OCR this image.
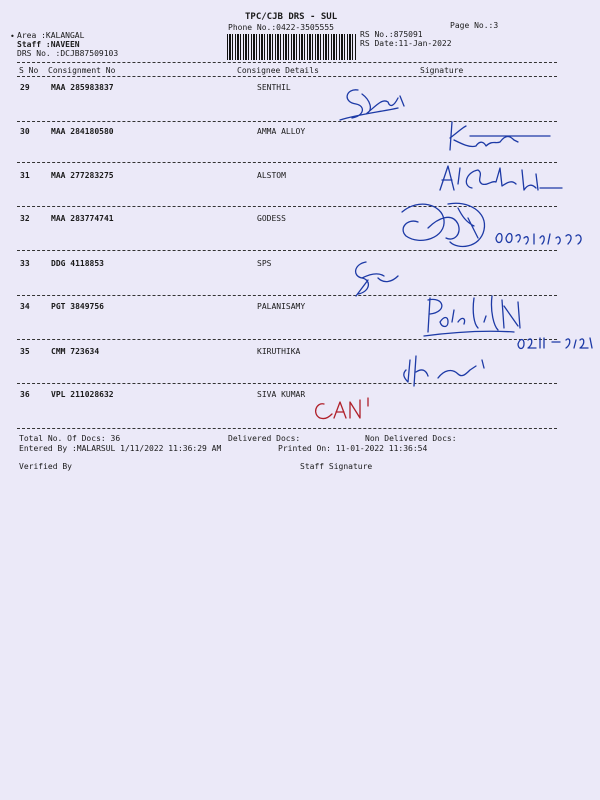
TPC/CJB DRS - SUL
Phone No.:0422-3505555	Page No.:3
• Area :KALANGAL
Staff :NAVEEN
DRS No. :DCJB87509103
RS No.:875091
RS Date:11-Jan-2022
S No Consignment No	Consignee Details	Signature
29	MAA 285983837	SENTHIL
30	MAA 284180580	AMMA ALLOY
31	MAA 277283275	ALSTOM
32	MAA 283774741	GODESS
33	DDG 4118853	SPS
34	PGT 3849756	PALANISAMY
35	CMM 723634	KIRUTHIKA
36	VPL 211028632	SIVA KUMAR
Total No. Of Docs: 36	Delivered Docs:	Non Delivered Docs:
Entered By :MALARSUL 1/11/2022 11:36:29 AM	Printed On: 11-01-2022 11:36:54
Verified By	Staff Signature
